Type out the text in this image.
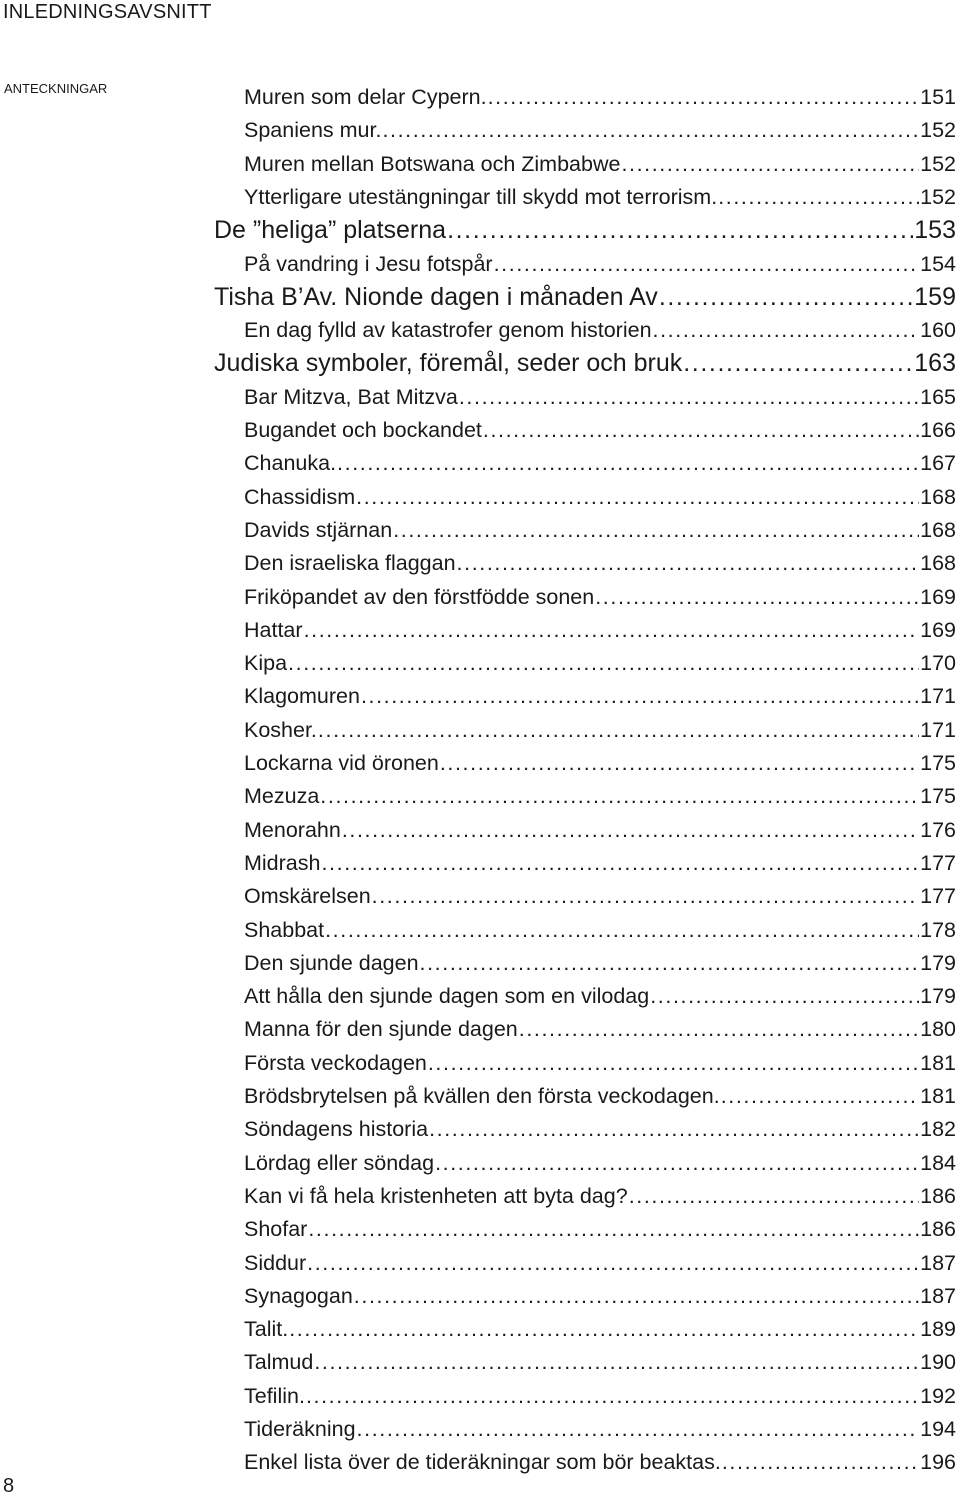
INLEDNINGSAVSNITT
ANTECKNINGAR	Muren som delar Cypern. .....	151
Spaniens mur. .....	152
Muren mellan Botswana och Zimbabwe .....	152
Ytterligare utestängningar till skydd mot terrorism. .....	152
De ”heliga” platserna .....	153
På vandring i Jesu fotspår .....	154
Tisha B’Av. Nionde dagen i månaden Av .....	159
En dag fylld av katastrofer genom historien .....	160
Judiska symboler, föremål, seder och bruk .....	163
Bar Mitzva, Bat Mitzva .....	165
Bugandet och bockandet .....	166
Chanuka. .....	167
Chassidism .....	168
Davids stjärnan .....	168
Den israeliska flaggan .....	168
Friköpandet av den förstfödde sonen .....	169
Hattar .....	169
Kipa .....	170
Klagomuren .....	171
Kosher. .....	171
Lockarna vid öronen .....	175
Mezuza .....	175
Menorahn .....	176
Midrash .....	177
Omskärelsen .....	177
Shabbat .....	178
Den sjunde dagen .....	179
Att hålla den sjunde dagen som en vilodag .....	179
Manna för den sjunde dagen .....	180
Första veckodagen .....	181
Brödsbrytelsen på kvällen den första veckodagen. .....	181
Söndagens historia .....	182
Lördag eller söndag .....	184
Kan vi få hela kristenheten att byta dag? .....	186
Shofar .....	186
Siddur .....	187
Synagogan .....	187
Talit. .....	189
Talmud .....	190
Tefilin. .....	192
Tideräkning .....	194
Enkel lista över de tideräkningar som bör beaktas. .....	196
8
